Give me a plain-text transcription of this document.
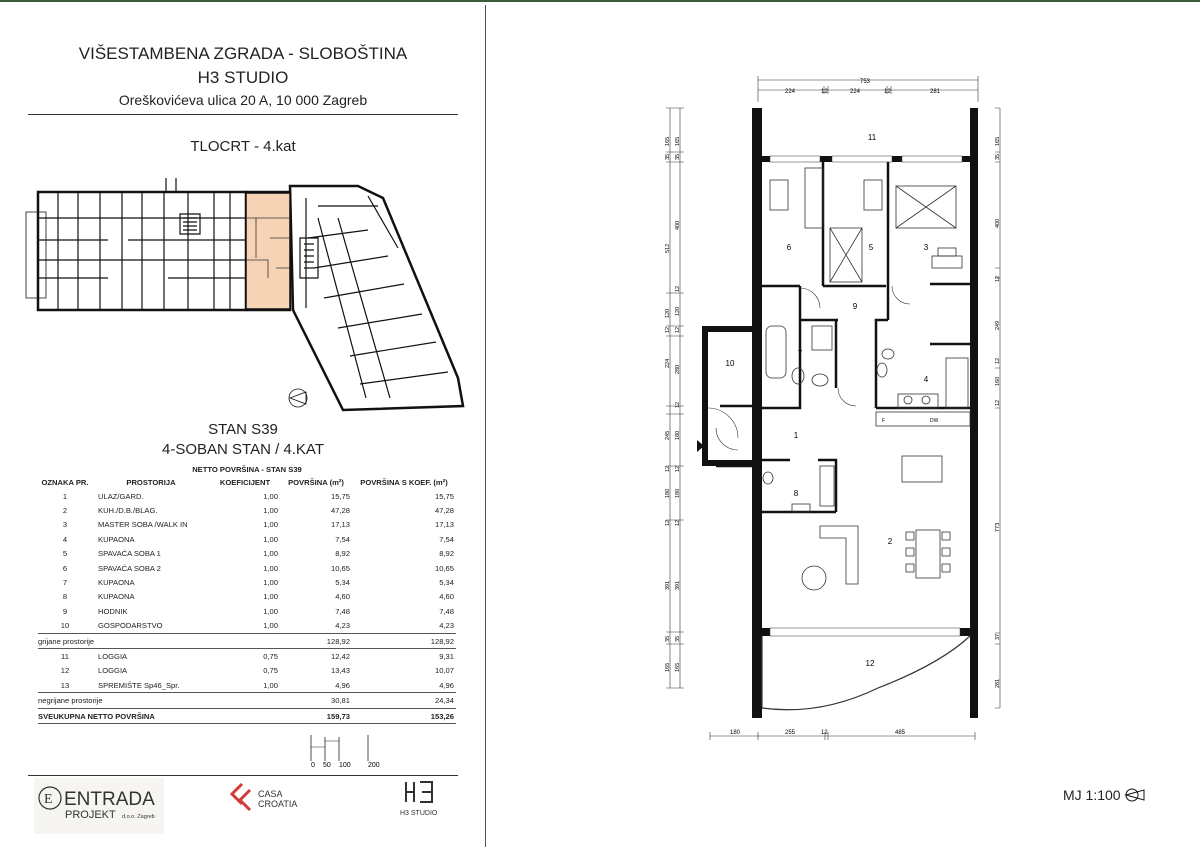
VIŠESTAMBENA ZGRADA - SLOBOŠTINA
H3 STUDIO
Oreškovićeva ulica 20 A, 10 000 Zagreb
TLOCRT - 4.kat
STAN S39
4-SOBAN STAN / 4.KAT
NETTO POVRŠINA - STAN S39				
OZNAKA PR.	PROSTORIJA	KOEFICIJENT	POVRŠINA (m²)	POVRŠINA S KOEF. (m²)
1	ULAZ/GARD.	1,00	15,75	15,75
2	KUH./D.B./BLAG.	1,00	47,28	47,28
3	MASTER SOBA /WALK IN	1,00	17,13	17,13
4	KUPAONA	1,00	7,54	7,54
5	SPAVAĆA SOBA 1	1,00	8,92	8,92
6	SPAVAĆA SOBA 2	1,00	10,65	10,65
7	KUPAONA	1,00	5,34	5,34
8	KUPAONA	1,00	4,60	4,60
9	HODNIK	1,00	7,48	7,48
10	GOSPODARSTVO	1,00	4,23	4,23
grijane prostorije			128,92	128,92
11	LOGGIA	0,75	12,42	9,31
12	LOGGIA	0,75	13,43	10,07
13	SPREMIŠTE Sp46_Spr.	1,00	4,96	4,96
negrijane prostorije			30,81	24,34
SVEUKUPNA NETTO POVRŠINA			159,73	153,26
0 50 100 200
E ENTRADA
PROJEKT d.o.o. Zagreb
CASA
CROATIA
H3 STUDIO
753
224	12	224	12	281
165
35
512
120
12
224
245
12
180
12
391
35
165
165
35
400
12
120
12
280
12
180
12
180
12
391
35
165
165
35
400
12
249
12
160
12
773
37
281
180	255	12	485
F	DW
1
2
3
4
5
6
7
8
9
10
11
12
MJ 1:100
